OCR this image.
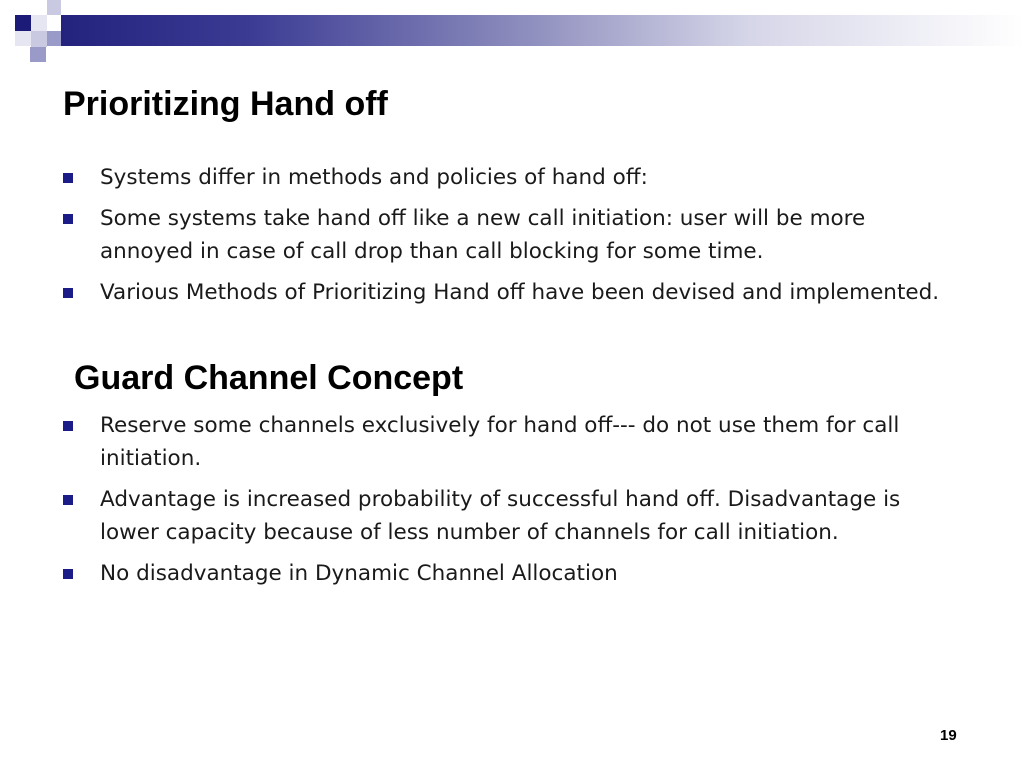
Prioritizing Hand off
Systems differ in methods and policies of hand off:
Some systems take hand off like a new call initiation: user will be more annoyed in case of call drop than call blocking for some time.
Various Methods of Prioritizing Hand off have been devised and implemented.
Guard Channel Concept
Reserve some channels exclusively for hand off--- do not use them for call initiation.
Advantage is increased probability of successful hand off. Disadvantage is lower capacity because of less number of channels for call initiation.
No disadvantage in Dynamic Channel Allocation
19
